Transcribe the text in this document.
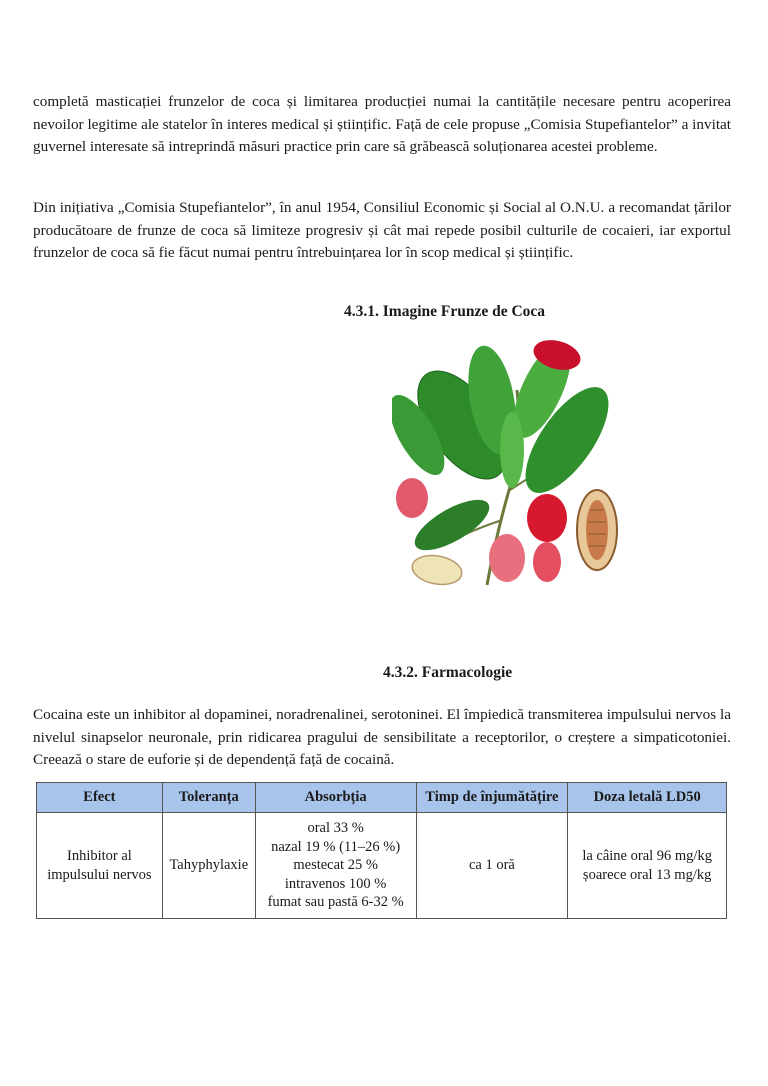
completă masticației frunzelor de coca și limitarea producției numai la cantitățile necesare pentru acoperirea nevoilor legitime ale statelor în interes medical și științific. Față de cele propuse „Comisia Stupefiantelor” a invitat guvernel interesate să intreprindă măsuri practice prin care să grăbească soluționarea acestei probleme.

Din inițiativa „Comisia Stupefiantelor”, în anul 1954, Consiliul Economic și Social al O.N.U. a recomandat țărilor producătoare de frunze de coca să limiteze progresiv și cât mai repede posibil culturile de cocaieri, iar exportul frunzelor de coca să fie făcut numai pentru întrebuințarea lor în scop medical și științific.

4.3.1. Imagine Frunze de Coca
4.3.2. Farmacologie

Cocaina este un inhibitor al dopaminei, noradrenalinei, serotoninei. El împiedică transmiterea impulsului nervos la nivelul sinapselor neuronale, prin ridicarea pragului de sensibilitate a receptorilor, o creștere a simpaticotoniei. Creează o stare de euforie și de dependență față de cocaină.

Efect	Toleranța	Absorbția	Timp de înjumătățire	Doza letală LD50

Inhibitor al
impulsului nervos	Tahyphylaxie	oral 33 %
nazal 19 % (11–26 %)
mestecat 25 %
intravenos 100 %
fumat sau pastă 6-32 %	ca 1 oră	la câine oral 96 mg/kg
șoarece oral 13 mg/kg
